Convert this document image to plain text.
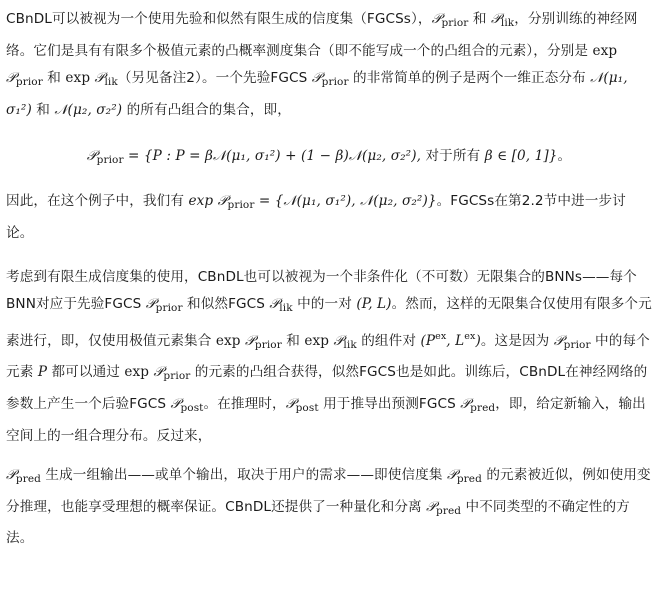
CBnDL可以被视为一个使用先验和似然有限生成的信度集（FGCSs），𝒫$_{prior}$ 和 𝒫$_{lik}$，分别训练的神经网络。它们是具有有限多个极值元素的凸概率测度集合（即不能写成一个的凸组合的元素），分别是 exp 𝒫$_{prior}$ 和 exp 𝒫$_{lik}$（另见备注2）。一个先验FGCS 𝒫$_{prior}$ 的非常简单的例子是两个一维正态分布 𝒩(μ₁, σ₁²) 和 𝒩(μ₂, σ₂²) 的所有凸组合的集合，即，

𝒫$_{prior}$ = {P : P = β𝒩(μ₁, σ₁²) + (1 − β)𝒩(μ₂, σ₂²), 对于所有 β ∈ [0, 1]}。

因此，在这个例子中，我们有 exp 𝒫$_{prior}$ = {𝒩(μ₁, σ₁²), 𝒩(μ₂, σ₂²)}。FGCSs在第2.2节中进一步讨论。

考虑到有限生成信度集的使用，CBnDL也可以被视为一个非条件化（不可数）无限集合的BNNs——每个BNN对应于先验FGCS 𝒫$_{prior}$ 和似然FGCS 𝒫$_{lik}$ 中的一对 (P, L)。然而，这样的无限集合仅使用有限多个元素进行，即，仅使用极值元素集合 exp 𝒫$_{prior}$ 和 exp 𝒫$_{lik}$ 的组件对 ($P^{ex}$, $L^{ex}$)。这是因为 𝒫$_{prior}$ 中的每个元素 P 都可以通过 exp 𝒫$_{prior}$ 的元素的凸组合获得，似然FGCS也是如此。训练后，CBnDL在神经网络的参数上产生一个后验FGCS 𝒫$_{post}$。在推理时，𝒫$_{post}$ 用于推导出预测FGCS 𝒫$_{pred}$，即，给定新输入，输出空间上的一组合理分布。反过来，

𝒫$_{pred}$ 生成一组输出——或单个输出，取决于用户的需求——即使信度集 𝒫$_{pred}$ 的元素被近似，例如使用变分推理，也能享受理想的概率保证。CBnDL还提供了一种量化和分离 𝒫$_{pred}$ 中不同类型的不确定性的方法。
